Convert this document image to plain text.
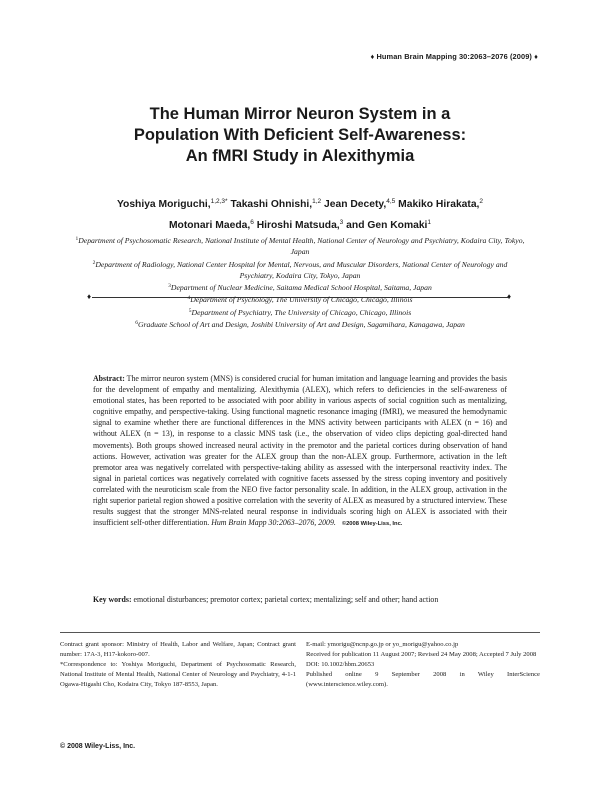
♦ Human Brain Mapping 30:2063–2076 (2009) ♦
The Human Mirror Neuron System in a
Population With Deficient Self-Awareness:
An fMRI Study in Alexithymia
Yoshiya Moriguchi,$^{1,2,3*}$ Takashi Ohnishi,$^{1,2}$ Jean Decety,$^{4,5}$ Makiko Hirakata,$^2$
Motonari Maeda,$^6$ Hiroshi Matsuda,$^3$ and Gen Komaki$^1$
$^1$Department of Psychosomatic Research, National Institute of Mental Health, National Center of Neurology and Psychiatry, Kodaira City, Tokyo, Japan
$^2$Department of Radiology, National Center Hospital for Mental, Nervous, and Muscular Disorders, National Center of Neurology and Psychiatry, Kodaira City, Tokyo, Japan
$^3$Department of Nuclear Medicine, Saitama Medical School Hospital, Saitama, Japan
$^4$Department of Psychology, The University of Chicago, Chicago, Illinois
$^5$Department of Psychiatry, The University of Chicago, Chicago, Illinois
$^6$Graduate School of Art and Design, Joshibi University of Art and Design, Sagamihara, Kanagawa, Japan
♦	♦
Abstract: The mirror neuron system (MNS) is considered crucial for human imitation and language learning and provides the basis for the development of empathy and mentalizing. Alexithymia (ALEX), which refers to deficiencies in the self-awareness of emotional states, has been reported to be associated with poor ability in various aspects of social cognition such as mentalizing, cognitive empathy, and perspective-taking. Using functional magnetic resonance imaging (fMRI), we measured the hemodynamic signal to examine whether there are functional differences in the MNS activity between participants with ALEX (n = 16) and without ALEX (n = 13), in response to a classic MNS task (i.e., the observation of video clips depicting goal-directed hand movements). Both groups showed increased neural activity in the premotor and the parietal cortices during observation of hand actions. However, activation was greater for the ALEX group than the non-ALEX group. Furthermore, activation in the left premotor area was negatively correlated with perspective-taking ability as assessed with the interpersonal reactivity index. The signal in parietal cortices was negatively correlated with cognitive facets assessed by the stress coping inventory and positively correlated with the neuroticism scale from the NEO five factor personality scale. In addition, in the ALEX group, activation in the right superior parietal region showed a positive correlation with the severity of ALEX as measured by a structured interview. These results suggest that the stronger MNS-related neural response in individuals scoring high on ALEX is associated with their insufficient self-other differentiation. Hum Brain Mapp 30:2063–2076, 2009. ©2008 Wiley-Liss, Inc.
Key words: emotional disturbances; premotor cortex; parietal cortex; mentalizing; self and other; hand action

Contract grant sponsor: Ministry of Health, Labor and Welfare, Japan; Contract grant number: 17A-3, H17-kokoro-007.

*Correspondence to: Yoshiya Moriguchi, Department of Psychosomatic Research, National Institute of Mental Health, National Center of Neurology and Psychiatry, 4-1-1 Ogawa-Higashi Cho, Kodaira City, Tokyo 187-8553, Japan.

E-mail: ymorigu@ncnp.go.jp or yo_morigu@yahoo.co.jp

Received for publication 11 August 2007; Revised 24 May 2008; Accepted 7 July 2008

DOI: 10.1002/hbm.20653

Published online 9 September 2008 in Wiley InterScience (www.interscience.wiley.com).

© 2008 Wiley-Liss, Inc.
